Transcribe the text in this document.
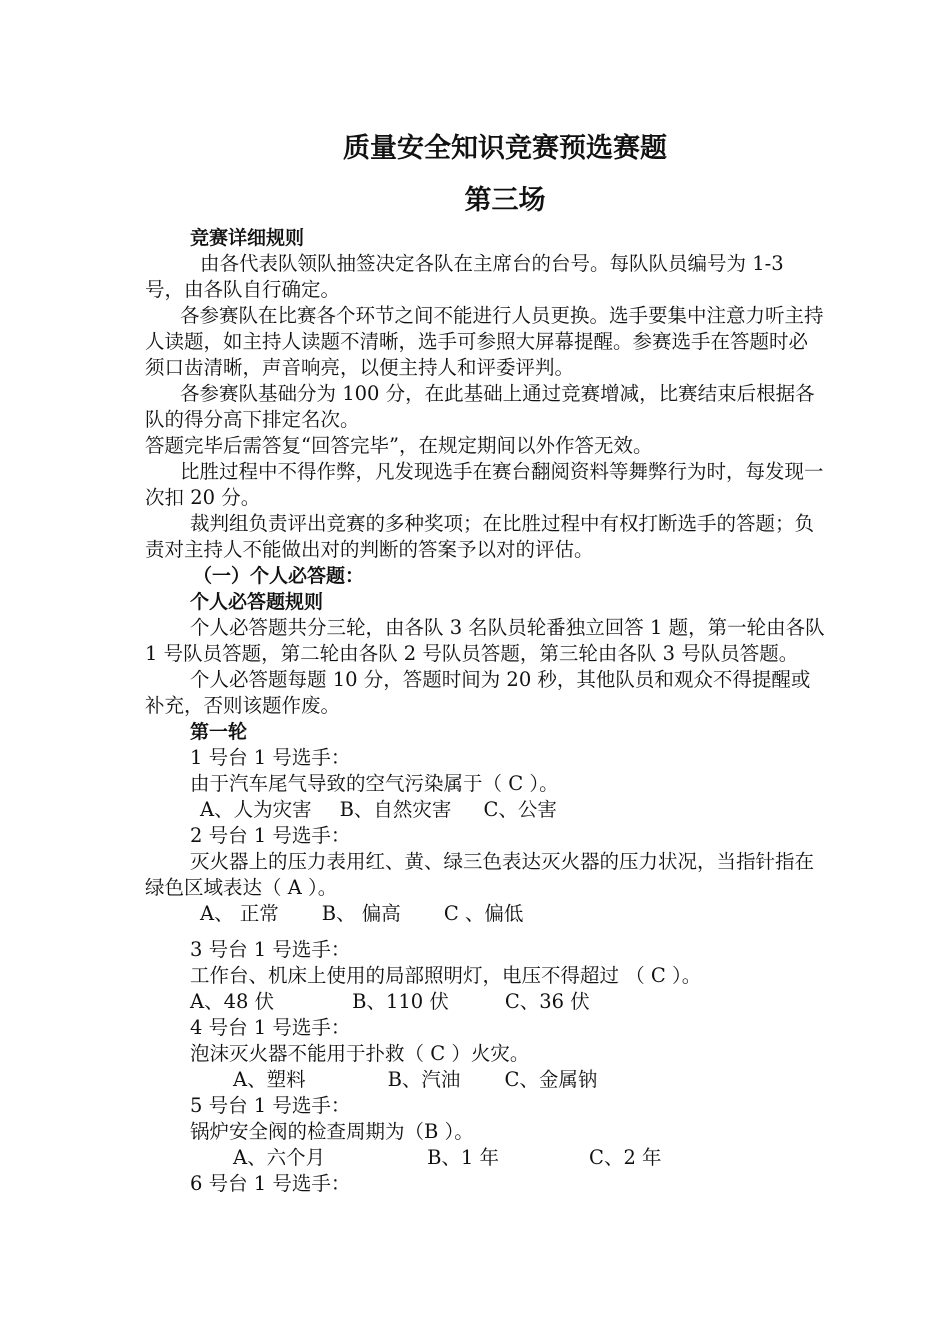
质量安全知识竞赛预选赛题
第三场

竞赛详细规则

由各代表队领队抽签决定各队在主席台的台号。每队队员编号为 1-3 号，由各队自行确定。

各参赛队在比赛各个环节之间不能进行人员更换。选手要集中注意力听主持人读题，如主持人读题不清晰，选手可参照大屏幕提醒。参赛选手在答题时必须口齿清晰，声音响亮，以便主持人和评委评判。

各参赛队基础分为 100 分，在此基础上通过竞赛增减，比赛结束后根据各队的得分高下排定名次。

答题完毕后需答复“回答完毕”，在规定期间以外作答无效。

比胜过程中不得作弊，凡发现选手在赛台翻阅资料等舞弊行为时，每发现一次扣 20 分。

裁判组负责评出竞赛的多种奖项；在比胜过程中有权打断选手的答题；负责对主持人不能做出对的判断的答案予以对的评估。

（一）个人必答题：

个人必答题规则

个人必答题共分三轮，由各队 3 名队员轮番独立回答 1 题，第一轮由各队 1 号队员答题，第二轮由各队 2 号队员答题，第三轮由各队 3 号队员答题。

个人必答题每题 10 分，答题时间为 20 秒，其他队员和观众不得提醒或补充，否则该题作废。

第一轮

1 号台 1 号选手：

由于汽车尾气导致的空气污染属于（ C ）。

A、人为灾害 B、自然灾害 C、公害

2 号台 1 号选手：

灭火器上的压力表用红、黄、绿三色表达灭火器的压力状况，当指针指在绿色区域表达（ A ）。

A、 正常 B、 偏高 C 、偏低

3 号台 1 号选手：

工作台、机床上使用的局部照明灯，电压不得超过 （ C ）。

A、48 伏	B、110 伏	C、36 伏

4 号台 1 号选手：

泡沫灭火器不能用于扑救（ C ）火灾。

A、塑料	B、汽油 C、金属钠

5 号台 1 号选手：

锅炉安全阀的检查周期为（B ）。

A、六个月	B、1 年	C、2 年

6 号台 1 号选手：
